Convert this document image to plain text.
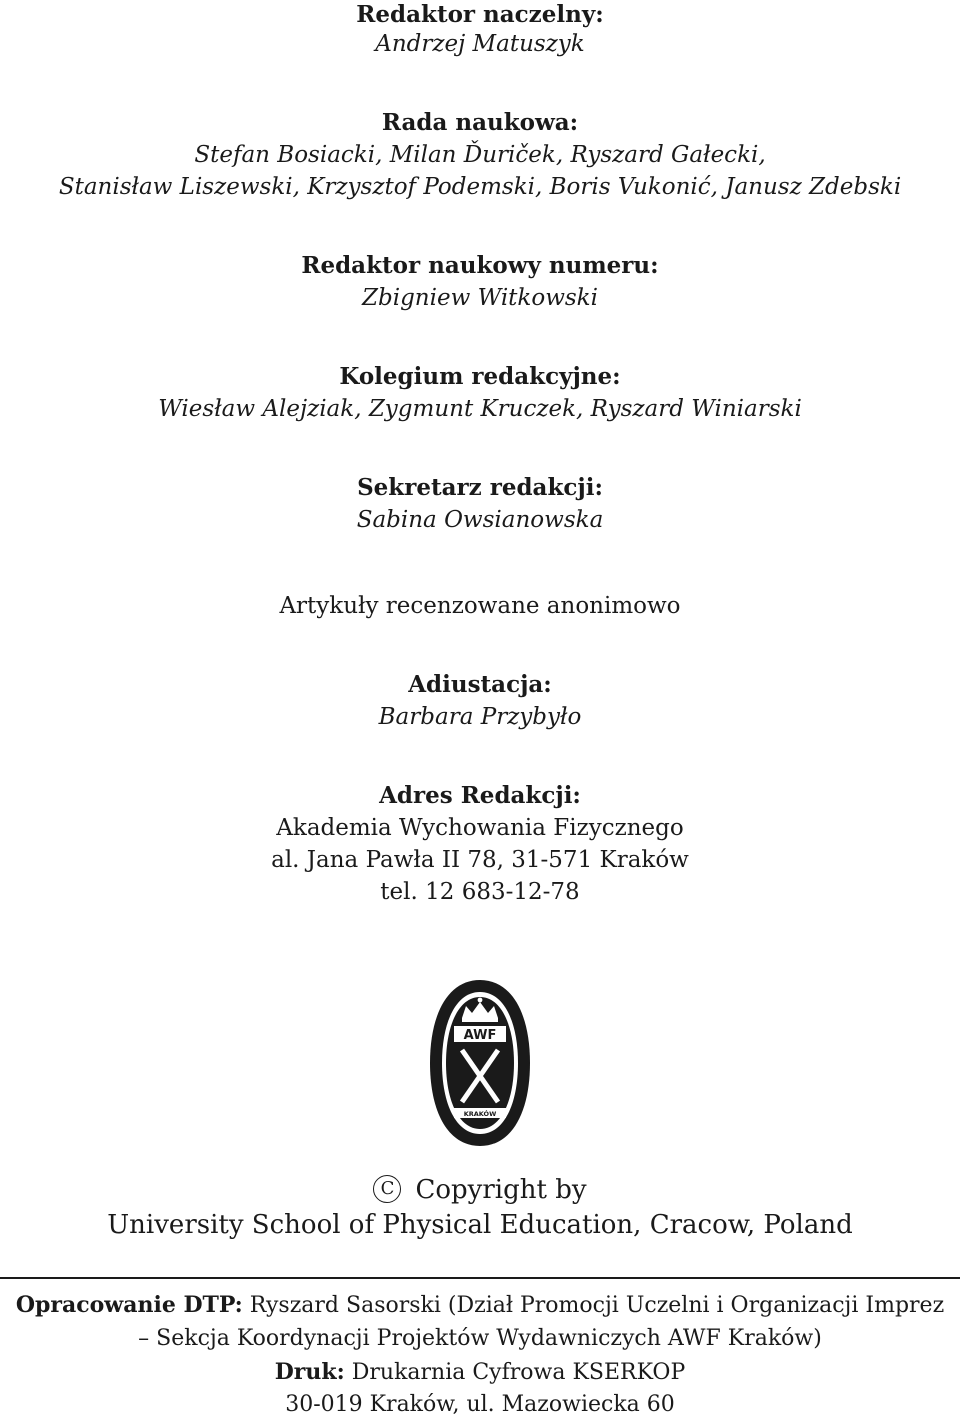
Redaktor naczelny:
Andrzej Matuszyk
Rada naukowa:
Stefan Bosiacki, Milan Ďuriček, Ryszard Gałecki,
Stanisław Liszewski, Krzysztof Podemski, Boris Vukonić, Janusz Zdebski
Redaktor naukowy numeru:
Zbigniew Witkowski
Kolegium redakcyjne:
Wiesław Alejziak, Zygmunt Kruczek, Ryszard Winiarski
Sekretarz redakcji:
Sabina Owsianowska
Artykuły recenzowane anonimowo
Adiustacja:
Barbara Przybyło
Adres Redakcji:
Akademia Wychowania Fizycznego
al. Jana Pawła II 78, 31-571 Kraków
tel. 12 683-12-78
AWF
KRAKÓW
C Copyright by
University School of Physical Education, Cracow, Poland
Opracowanie DTP: Ryszard Sasorski (Dział Promocji Uczelni i Organizacji Imprez
– Sekcja Koordynacji Projektów Wydawniczych AWF Kraków)
Druk: Drukarnia Cyfrowa KSERKOP
30-019 Kraków, ul. Mazowiecka 60
